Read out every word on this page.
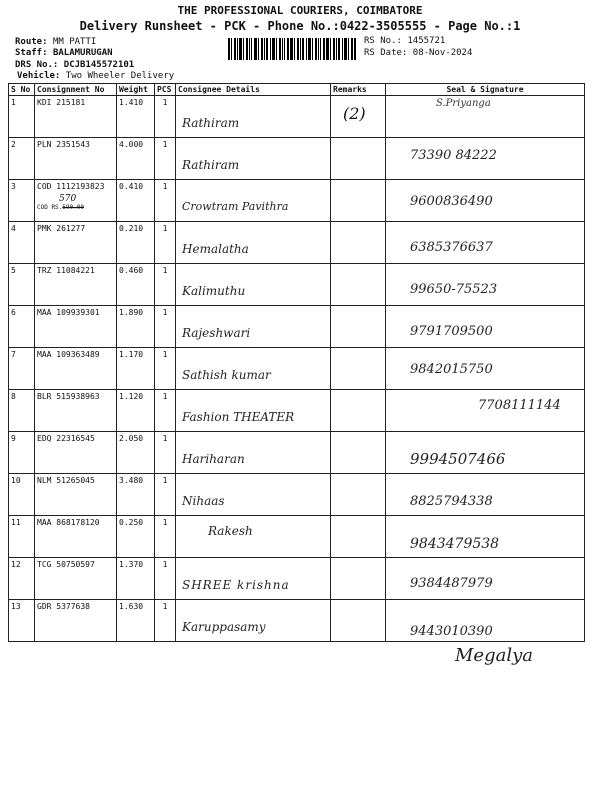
THE PROFESSIONAL COURIERS, COIMBATORE
Delivery Runsheet - PCK - Phone No.:0422-3505555 - Page No.:1
Route: MM PATTI
Staff: BALAMURUGAN
DRS No.: DCJB145572101
Vehicle: Two Wheeler Delivery
RS No.: 1455721
RS Date: 08-Nov-2024
S No	Consignment No	Weight	PCS	Consignee Details	Remarks	Seal & Signature
1	KDI 215181	1.410	1	Rathiram	(2)	S.Priyanga

2	PLN 2351543	4.000	1	Rathiram		73390 84222

3	COD 1112193823
570
COD RS.590.00	0.410	1	Crowtram Pavithra		9600836490

4	PMK 261277	0.210	1	Hemalatha		6385376637

5	TRZ 11084221	0.460	1	Kalimuthu		99650-75523

6	MAA 109939301	1.890	1	Rajeshwari		9791709500

7	MAA 109363489	1.170	1	Sathish kumar		9842015750

8	BLR 515938963	1.120	1	Fashion THEATER		7708111144

9	EDQ 22316545	2.050	1	Hariharan		9994507466

10	NLM 51265045	3.480	1	Nihaas		8825794338

11	MAA 868178120	0.250	1	Rakesh		9843479538

12	TCG 50750597	1.370	1	SHREE krishna		9384487979

13	GDR 5377638	1.630	1	Karuppasamy		9443010390
Megalya
